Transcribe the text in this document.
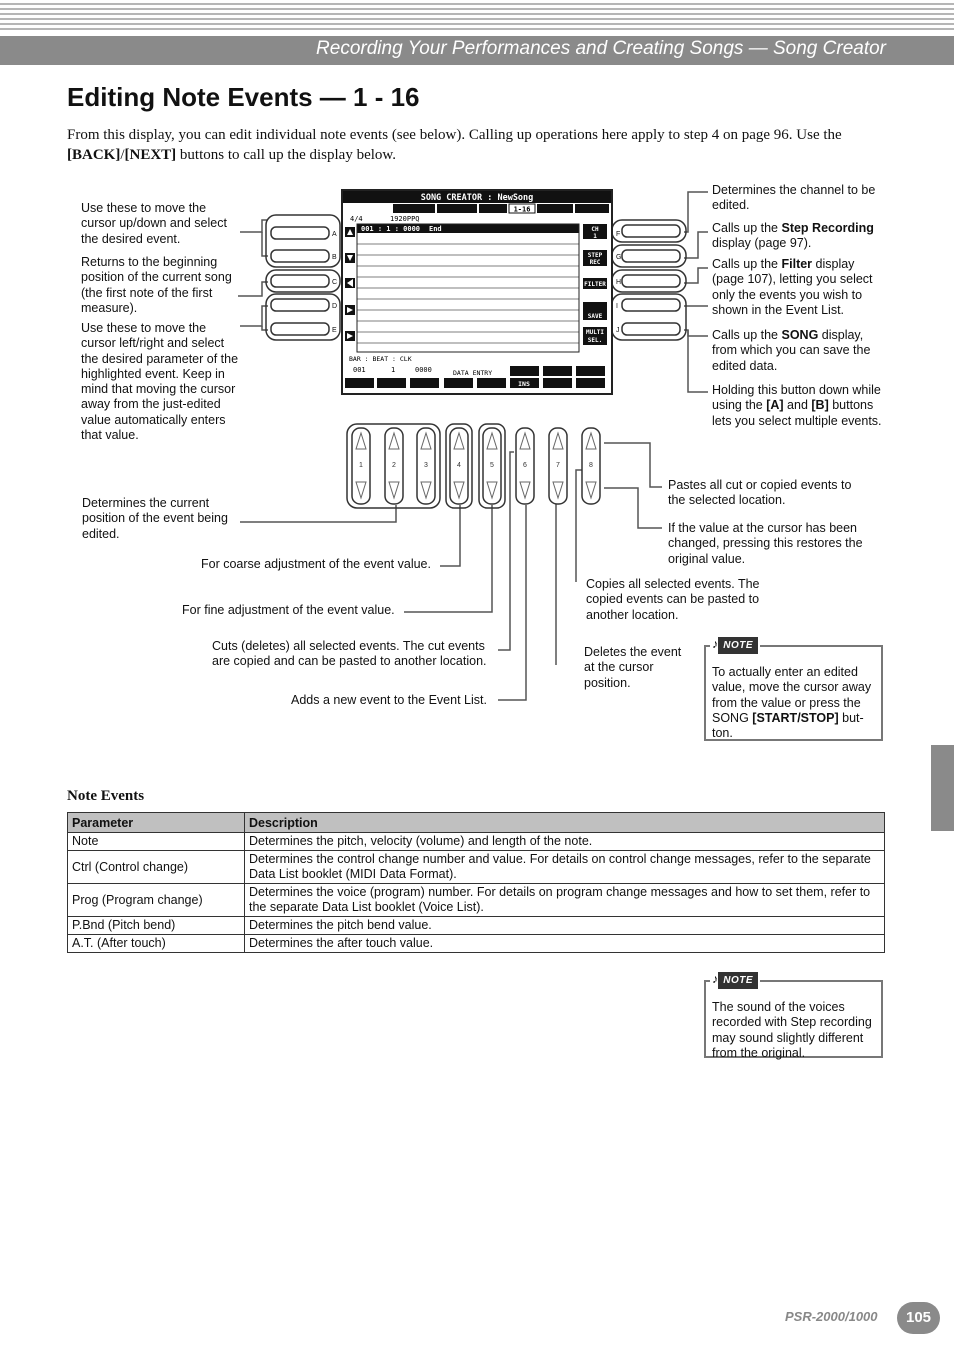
Recording Your Performances and Creating Songs — Song Creator
Editing Note Events — 1 - 16
From this display, you can edit individual note events (see below). Calling up operations here apply to step 4 on page 96. Use the [BACK]/[NEXT] buttons to call up the display below.
A
B
C
D
E
F
G
H
I
J
1	2	3	4	5	6	7	8
SONG CREATOR : NewSong
1-16
4/4	1920PPQ
001 : 1 : 0000 End	CH
1
STEP
REC
FILTER
SAVE
MULTI
SEL.
BAR : BEAT : CLK
001	1	0000	DATA ENTRY
INS
Use these to move the cursor up/down and select the desired event.
Returns to the beginning position of the current song (the first note of the first measure).
Use these to move the cursor left/right and select the desired parameter of the highlighted event. Keep in mind that moving the cursor away from the just-edited value automatically enters that value.
Determines the channel to be edited.
Calls up the Step Recording display (page 97).
Calls up the Filter display (page 107), letting you select only the events you wish to shown in the Event List.
Calls up the SONG display, from which you can save the edited data.
Holding this button down while using the [A] and [B] buttons lets you select multiple events.
Pastes all cut or copied events to the selected location.
If the value at the cursor has been changed, pressing this restores the original value.
Copies all selected events. The copied events can be pasted to another location.
Deletes the event at the cursor position.
Determines the current position of the event being edited.
For coarse adjustment of the event value.
For fine adjustment of the event value.
Cuts (deletes) all selected events. The cut events are copied and can be pasted to another location.
Adds a new event to the Event List.
♪ NOTE
To actually enter an edited value, move the cursor away from the value or press the SONG [START/STOP] but-ton.
♪ NOTE
The sound of the voices recorded with Step recording may sound slightly different from the original.
Note Events
Parameter	Description
Note	Determines the pitch, velocity (volume) and length of the note.
Ctrl (Control change)	Determines the control change number and value. For details on control change messages, refer to the separate Data List booklet (MIDI Data Format).
Prog (Program change)	Determines the voice (program) number. For details on program change messages and how to set them, refer to the separate Data List booklet (Voice List).
P.Bnd (Pitch bend)	Determines the pitch bend value.
A.T. (After touch)	Determines the after touch value.
PSR-2000/1000	105
